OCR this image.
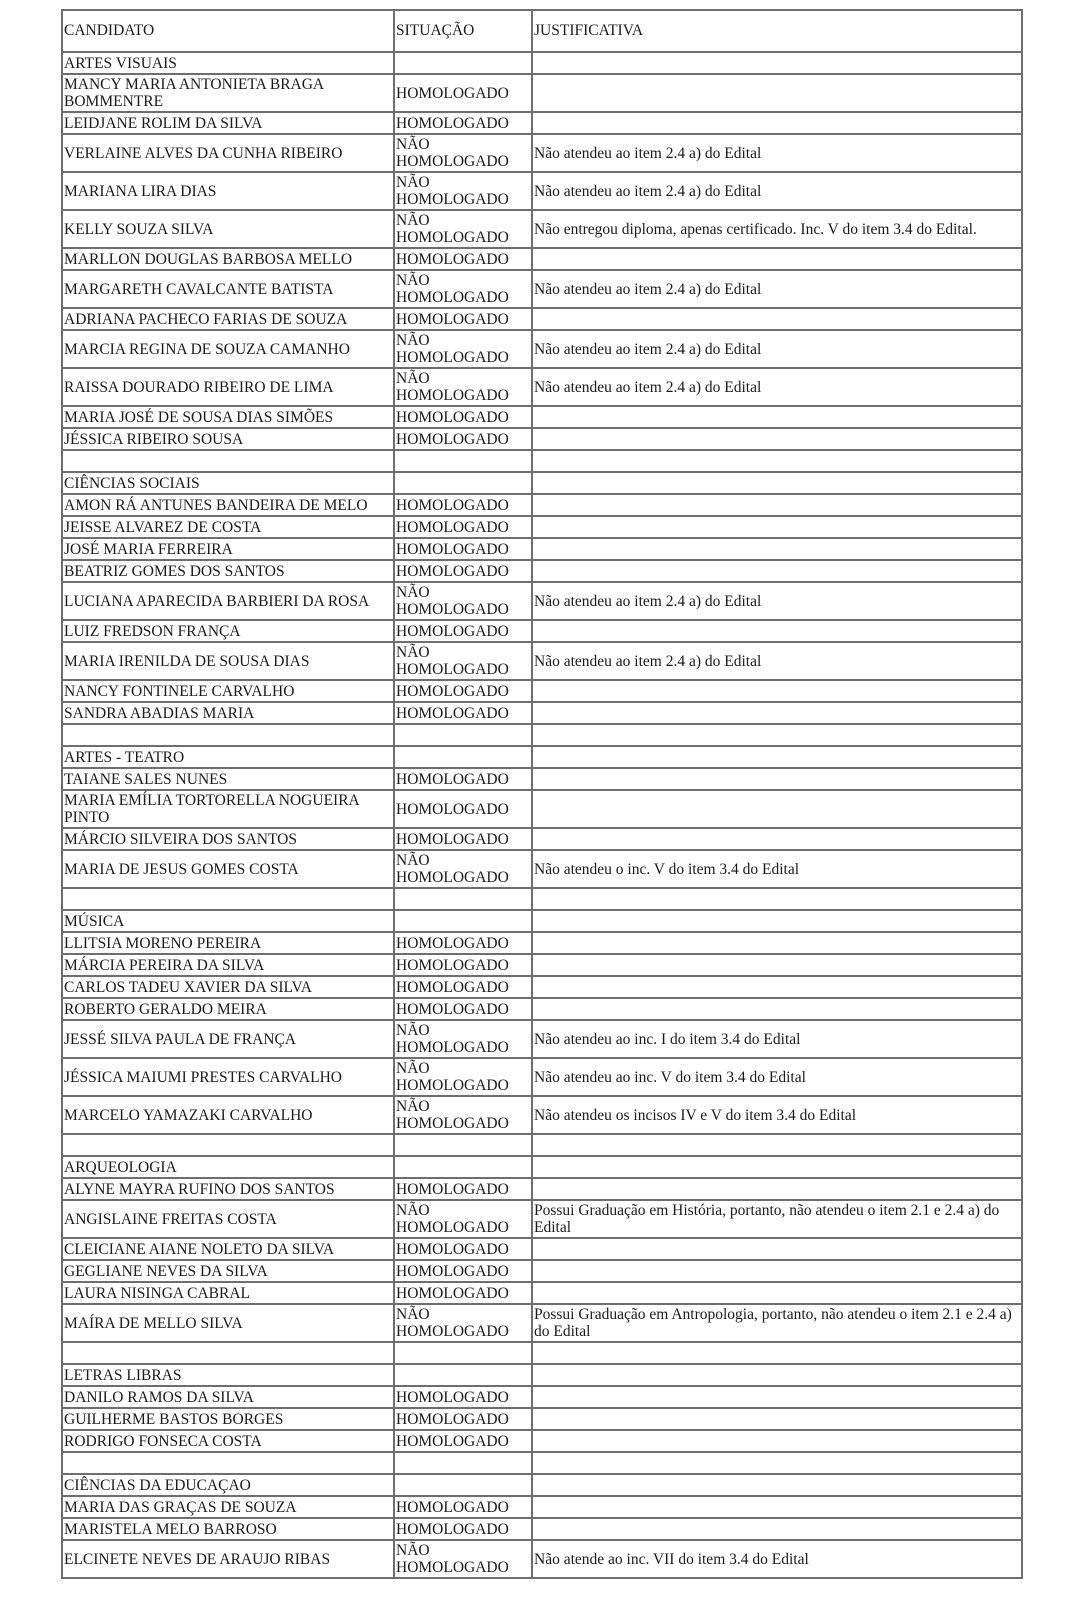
CANDIDATO	SITUAÇÃO	JUSTIFICATIVA

ARTES VISUAIS		
MANCY MARIA ANTONIETA BRAGA BOMMENTRE	HOMOLOGADO	
LEIDJANE ROLIM DA SILVA	HOMOLOGADO	
VERLAINE ALVES DA CUNHA RIBEIRO	NÃO HOMOLOGADO	Não atendeu ao item 2.4 a) do Edital
MARIANA LIRA DIAS	NÃO HOMOLOGADO	Não atendeu ao item 2.4 a) do Edital
KELLY SOUZA SILVA	NÃO HOMOLOGADO	Não entregou diploma, apenas certificado. Inc. V do item 3.4 do Edital.
MARLLON DOUGLAS BARBOSA MELLO	HOMOLOGADO	
MARGARETH CAVALCANTE BATISTA	NÃO HOMOLOGADO	Não atendeu ao item 2.4 a) do Edital
ADRIANA PACHECO FARIAS DE SOUZA	HOMOLOGADO	
MARCIA REGINA DE SOUZA CAMANHO	NÃO HOMOLOGADO	Não atendeu ao item 2.4 a) do Edital
RAISSA DOURADO RIBEIRO DE LIMA	NÃO HOMOLOGADO	Não atendeu ao item 2.4 a) do Edital
MARIA JOSÉ DE SOUSA DIAS SIMÕES	HOMOLOGADO	
JÉSSICA RIBEIRO SOUSA	HOMOLOGADO	

CIÊNCIAS SOCIAIS		
AMON RÁ ANTUNES BANDEIRA DE MELO	HOMOLOGADO	
JEISSE ALVAREZ DE COSTA	HOMOLOGADO	
JOSÉ MARIA FERREIRA	HOMOLOGADO	
BEATRIZ GOMES DOS SANTOS	HOMOLOGADO	
LUCIANA APARECIDA BARBIERI DA ROSA	NÃO HOMOLOGADO	Não atendeu ao item 2.4 a) do Edital
LUIZ FREDSON FRANÇA	HOMOLOGADO	
MARIA IRENILDA DE SOUSA DIAS	NÃO HOMOLOGADO	Não atendeu ao item 2.4 a) do Edital
NANCY FONTINELE CARVALHO	HOMOLOGADO	
SANDRA ABADIAS MARIA	HOMOLOGADO	

ARTES - TEATRO		
TAIANE SALES NUNES	HOMOLOGADO	
MARIA EMÍLIA TORTORELLA NOGUEIRA PINTO	HOMOLOGADO	
MÁRCIO SILVEIRA DOS SANTOS	HOMOLOGADO	
MARIA DE JESUS GOMES COSTA	NÃO HOMOLOGADO	Não atendeu o inc. V do item 3.4 do Edital

MÚSICA		
LLITSIA MORENO PEREIRA	HOMOLOGADO	
MÁRCIA PEREIRA DA SILVA	HOMOLOGADO	
CARLOS TADEU XAVIER DA SILVA	HOMOLOGADO	
ROBERTO GERALDO MEIRA	HOMOLOGADO	
JESSÉ SILVA PAULA DE FRANÇA	NÃO HOMOLOGADO	Não atendeu ao inc. I do item 3.4 do Edital
JÉSSICA MAIUMI PRESTES CARVALHO	NÃO HOMOLOGADO	Não atendeu ao inc. V do item 3.4 do Edital
MARCELO YAMAZAKI CARVALHO	NÃO HOMOLOGADO	Não atendeu os incisos IV e V do item 3.4 do Edital

ARQUEOLOGIA		
ALYNE MAYRA RUFINO DOS SANTOS	HOMOLOGADO	
ANGISLAINE FREITAS COSTA	NÃO HOMOLOGADO	Possui Graduação em História, portanto, não atendeu o item 2.1 e 2.4 a) do Edital
CLEICIANE AIANE NOLETO DA SILVA	HOMOLOGADO	
GEGLIANE NEVES DA SILVA	HOMOLOGADO	
LAURA NISINGA CABRAL	HOMOLOGADO	
MAÍRA DE MELLO SILVA	NÃO HOMOLOGADO	Possui Graduação em Antropologia, portanto, não atendeu o item 2.1 e 2.4 a) do Edital

LETRAS LIBRAS		
DANILO RAMOS DA SILVA	HOMOLOGADO	
GUILHERME BASTOS BORGES	HOMOLOGADO	
RODRIGO FONSECA COSTA	HOMOLOGADO	

CIÊNCIAS DA EDUCAÇAO		
MARIA DAS GRAÇAS DE SOUZA	HOMOLOGADO	
MARISTELA MELO BARROSO	HOMOLOGADO	
ELCINETE NEVES DE ARAUJO RIBAS	NÃO HOMOLOGADO	Não atende ao inc. VII do item 3.4 do Edital
